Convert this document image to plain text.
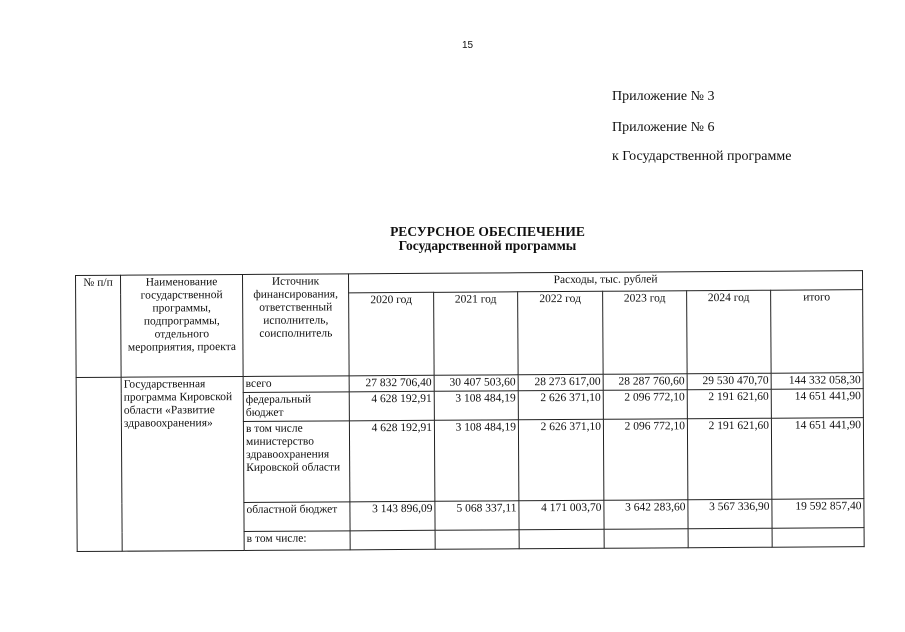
15
Приложение № 3
Приложение № 6
к Государственной программе
РЕСУРСНОЕ ОБЕСПЕЧЕНИЕ
Государственной программы
№ п/п	Наименование государственной программы, подпрограммы, отдельного мероприятия, проекта	Источник финансирования, ответственный исполнитель, соисполнитель	Расходы, тыс. рублей					
			2020 год	2021 год	2022 год	2023 год	2024 год	итого
	Государственная программа Кировской области «Развитие здравоохранения»	всего	27 832 706,40	30 407 503,60	28 273 617,00	28 287 760,60	29 530 470,70	144 332 058,30
		федеральный бюджет	4 628 192,91	3 108 484,19	2 626 371,10	2 096 772,10	2 191 621,60	14 651 441,90
		в том числе министерство здравоохранения Кировской области	4 628 192,91	3 108 484,19	2 626 371,10	2 096 772,10	2 191 621,60	14 651 441,90
		областной бюджет	3 143 896,09	5 068 337,11	4 171 003,70	3 642 283,60	3 567 336,90	19 592 857,40
		в том числе:						
